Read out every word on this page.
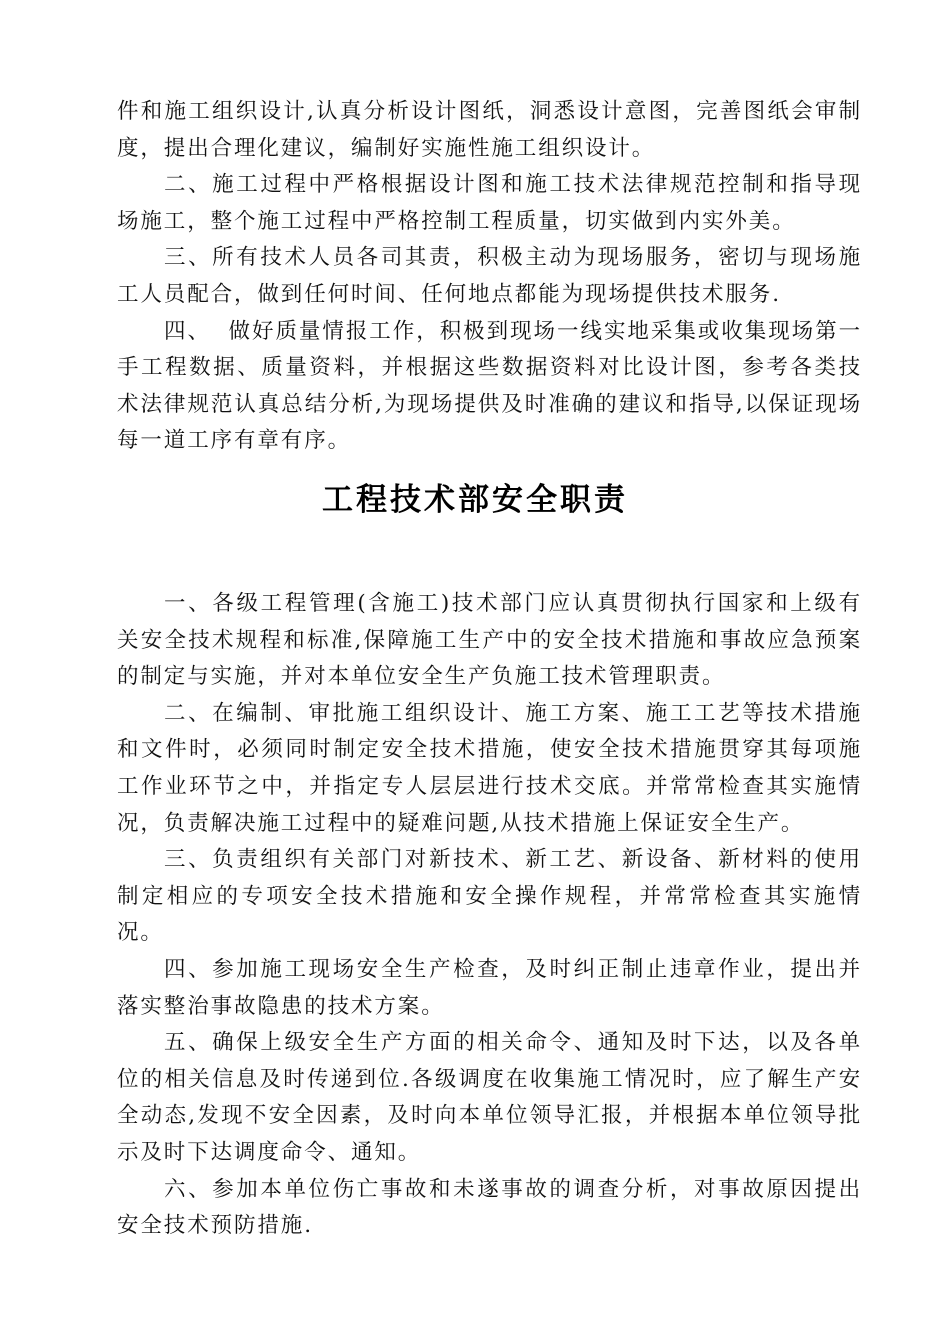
件和施工组织设计,认真分析设计图纸，洞悉设计意图，完善图纸会审制度，提出合理化建议，编制好实施性施工组织设计。

二、施工过程中严格根据设计图和施工技术法律规范控制和指导现场施工，整个施工过程中严格控制工程质量，切实做到内实外美。

三、所有技术人员各司其责，积极主动为现场服务，密切与现场施工人员配合，做到任何时间、任何地点都能为现场提供技术服务.

四、  做好质量情报工作，积极到现场一线实地采集或收集现场第一手工程数据、质量资料，并根据这些数据资料对比设计图，参考各类技术法律规范认真总结分析,为现场提供及时准确的建议和指导,以保证现场每一道工序有章有序。

工程技术部安全职责

一、各级工程管理(含施工)技术部门应认真贯彻执行国家和上级有关安全技术规程和标准,保障施工生产中的安全技术措施和事故应急预案的制定与实施，并对本单位安全生产负施工技术管理职责。

二、在编制、审批施工组织设计、施工方案、施工工艺等技术措施和文件时，必须同时制定安全技术措施，使安全技术措施贯穿其每项施工作业环节之中，并指定专人层层进行技术交底。并常常检查其实施情况，负责解决施工过程中的疑难问题,从技术措施上保证安全生产。

三、负责组织有关部门对新技术、新工艺、新设备、新材料的使用制定相应的专项安全技术措施和安全操作规程，并常常检查其实施情况。

四、参加施工现场安全生产检查，及时纠正制止违章作业，提出并落实整治事故隐患的技术方案。

五、确保上级安全生产方面的相关命令、通知及时下达，以及各单位的相关信息及时传递到位.各级调度在收集施工情况时，应了解生产安全动态,发现不安全因素，及时向本单位领导汇报，并根据本单位领导批示及时下达调度命令、通知。

六、参加本单位伤亡事故和未遂事故的调查分析，对事故原因提出安全技术预防措施.
